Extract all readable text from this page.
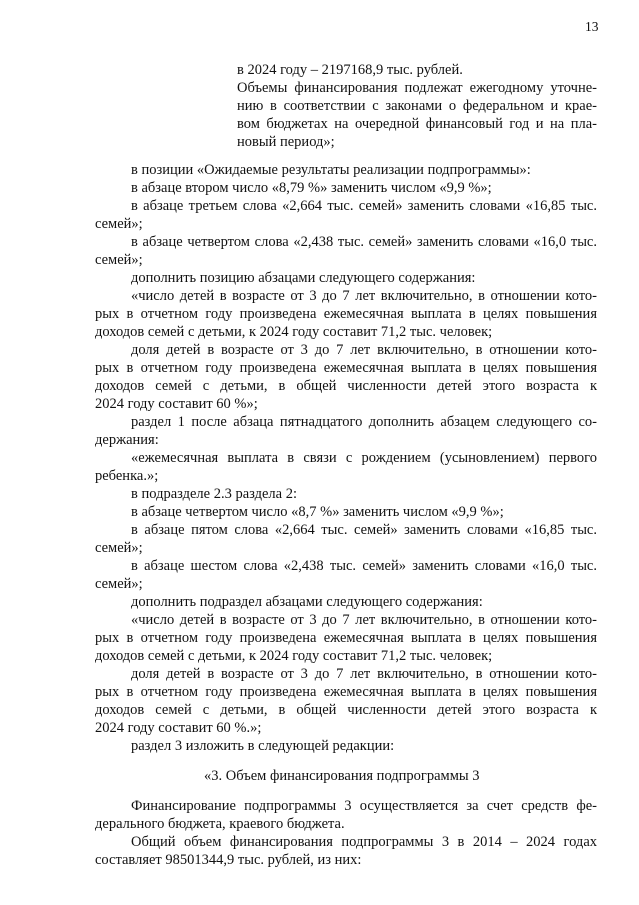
13
в 2024 году – 2197168,9 тыс. рублей.
Объемы финансирования подлежат ежегодному уточне-
нию в соответствии с законами о федеральном и крае-
вом бюджетах на очередной финансовый год и на пла-
новый период»;
в позиции «Ожидаемые результаты реализации подпрограммы»:
в абзаце втором число «8,79 %» заменить числом «9,9 %»;
в абзаце третьем слова «2,664 тыс. семей» заменить словами «16,85 тыс.
семей»;
в абзаце четвертом слова «2,438 тыс. семей» заменить словами «16,0 тыс.
семей»;
дополнить позицию абзацами следующего содержания:
«число детей в возрасте от 3 до 7 лет включительно, в отношении кото-
рых в отчетном году произведена ежемесячная выплата в целях повышения
доходов семей с детьми, к 2024 году составит 71,2 тыс. человек;
доля детей в возрасте от 3 до 7 лет включительно, в отношении кото-
рых в отчетном году произведена ежемесячная выплата в целях повышения
доходов семей с детьми, в общей численности детей этого возраста к
2024 году составит 60 %»;
раздел 1 после абзаца пятнадцатого дополнить абзацем следующего со-
держания:
«ежемесячная выплата в связи с рождением (усыновлением) первого
ребенка.»;
в подразделе 2.3 раздела 2:
в абзаце четвертом число «8,7 %» заменить числом «9,9 %»;
в абзаце пятом слова «2,664 тыс. семей» заменить словами «16,85 тыс.
семей»;
в абзаце шестом слова «2,438 тыс. семей» заменить словами «16,0 тыс.
семей»;
дополнить подраздел абзацами следующего содержания:
«число детей в возрасте от 3 до 7 лет включительно, в отношении кото-
рых в отчетном году произведена ежемесячная выплата в целях повышения
доходов семей с детьми, к 2024 году составит 71,2 тыс. человек;
доля детей в возрасте от 3 до 7 лет включительно, в отношении кото-
рых в отчетном году произведена ежемесячная выплата в целях повышения
доходов семей с детьми, в общей численности детей этого возраста к
2024 году составит 60 %.»;
раздел 3 изложить в следующей редакции:
«3. Объем финансирования подпрограммы 3
Финансирование подпрограммы 3 осуществляется за счет средств фе-
дерального бюджета, краевого бюджета.
Общий объем финансирования подпрограммы 3 в 2014 – 2024 годах
составляет 98501344,9 тыс. рублей, из них:
